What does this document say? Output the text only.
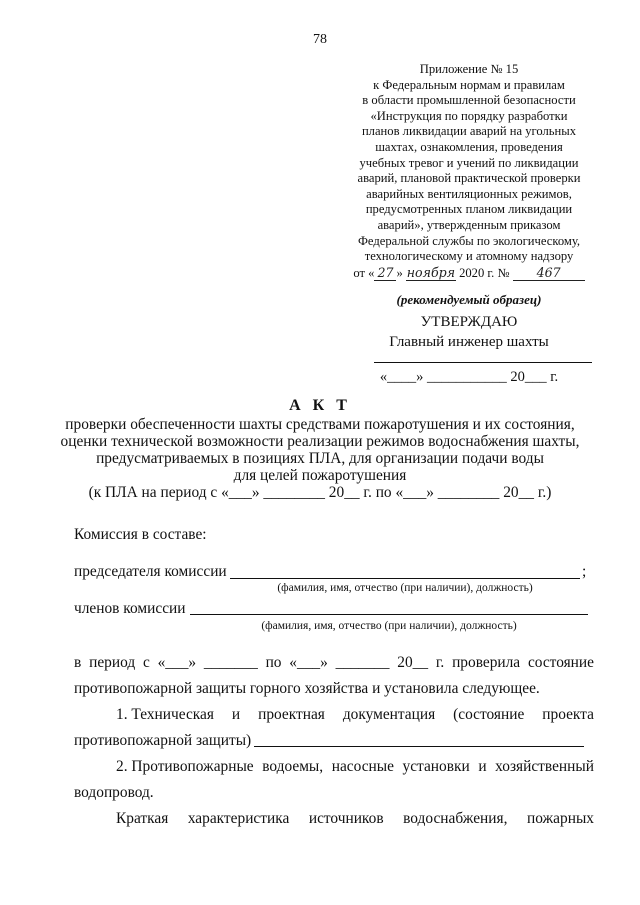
78
Приложение № 15
к Федеральным нормам и правилам
в области промышленной безопасности
«Инструкция по порядку разработки
планов ликвидации аварий на угольных
шахтах, ознакомления, проведения
учебных тревог и учений по ликвидации
аварий, плановой практической проверки
аварийных вентиляционных режимов,
предусмотренных планом ликвидации
аварий», утвержденным приказом
Федеральной службы по экологическому,
технологическому и атомному надзору
от « 27 » ноября 2020 г. № 467
(рекомендуемый образец)
УТВЕРЖДАЮ
Главный инженер шахты
«____» ___________ 20___ г.
А К Т
проверки обеспеченности шахты средствами пожаротушения и их состояния,
оценки технической возможности реализации режимов водоснабжения шахты,
предусматриваемых в позициях ПЛА, для организации подачи воды
для целей пожаротушения
(к ПЛА на период с «___» ________ 20__ г. по «___» ________ 20__ г.)
Комиссия в составе:
председателя комиссии	;
(фамилия, имя, отчество (при наличии), должность)
членов комиссии
(фамилия, имя, отчество (при наличии), должность)
в период с «___» _______ по «___» _______ 20__ г. проверила состояние
противопожарной защиты горного хозяйства и установила следующее.
1. Техническая и проектная документация (состояние проекта
противопожарной защиты)
2. Противопожарные водоемы, насосные установки и хозяйственный
водопровод.
Краткая характеристика источников водоснабжения, пожарных
